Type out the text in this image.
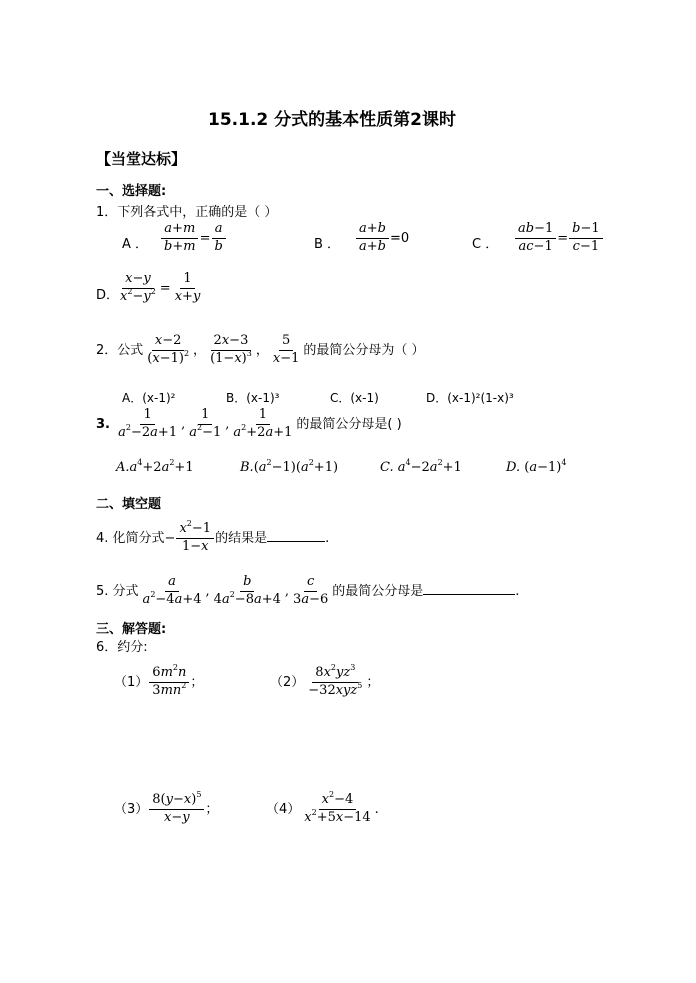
15.1.2 分式的基本性质第2课时
【当堂达标】
一、选择题:
1．下列各式中，正确的是（ ）
A ． $\frac{a+m}{b+m} = \frac{a}{b}$	B ． $\frac{a+b}{a+b} =0$	C ． $\frac{ab-1}{ac-1} = \frac{b-1}{c-1}$
D．
$\frac{x-y}{x^2-y^2} = \frac{1}{x+y}$
2．公式 $\frac{x-2}{(x-1)^2}$ ， $\frac{2x-3}{(1-x)^3}$ ， $\frac{5}{x-1}$ 的最简公分母为（ ）
A．(x-1)²	B．(x-1)³	C．(x-1)	D．(x-1)²(1-x)³
3. $\frac{1}{a^2-2a+1}$ , $\frac{1}{a^2-1}$ , $\frac{1}{a^2+2a+1}$ 的最简公分母是( )
$A.a^4+2a^2+1$	$B.(a^2-1)(a^2+1)$	C. $a^4-2a^2+1$	D. $(a-1)^4$
二、填空题
4. 化简分式− $\frac{x^2-1}{1-x}$ 的结果是	.
5. 分式 $\frac{a}{a^2-4a+4}$ , $\frac{b}{4a^2-8a+4}$ , $\frac{c}{3a-6}$ 的最简公分母是	.
三、解答题:
6．约分:
$(1) \frac{6m^2n}{3mn^2}$ ；	$(2) \frac{8x^2yz^3}{-32xyz^5}$ ；
$(3) \frac{8(y-x)^5}{x-y}$ ；	$(4) \frac{x^2-4}{x^2+5x-14}$ .
